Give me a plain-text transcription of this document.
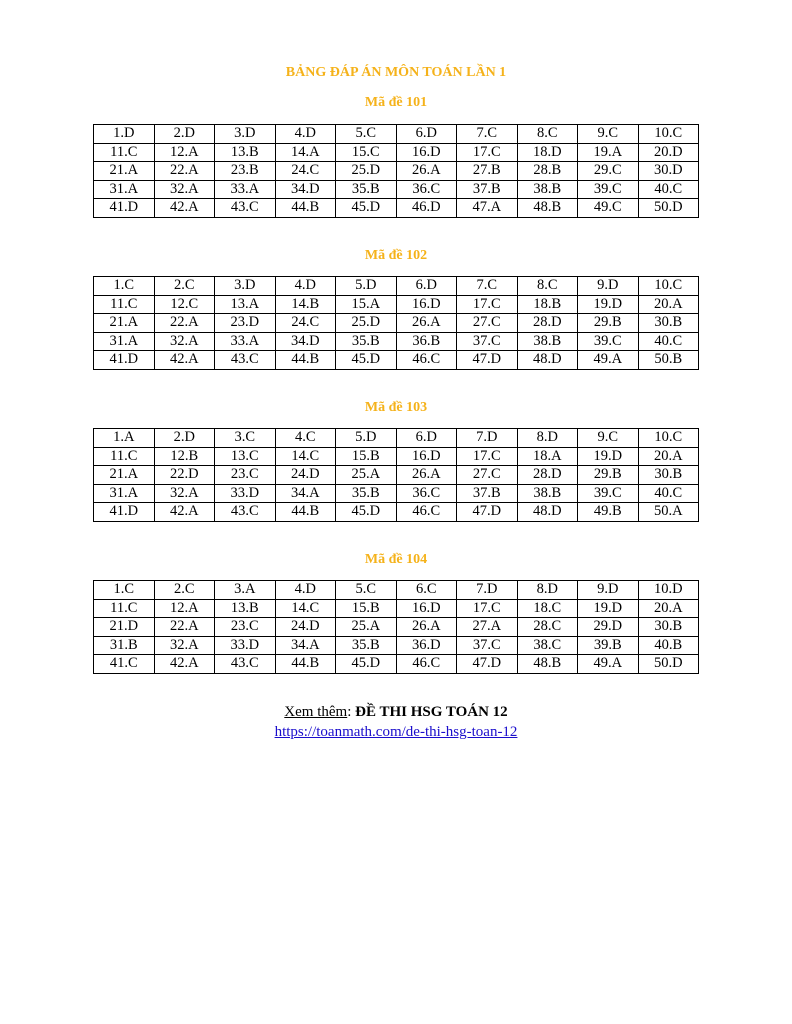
BẢNG ĐÁP ÁN MÔN TOÁN LẦN 1
Mã đề 101
1.D	2.D	3.D	4.D	5.C	6.D	7.C	8.C	9.C	10.C
11.C	12.A	13.B	14.A	15.C	16.D	17.C	18.D	19.A	20.D
21.A	22.A	23.B	24.C	25.D	26.A	27.B	28.B	29.C	30.D
31.A	32.A	33.A	34.D	35.B	36.C	37.B	38.B	39.C	40.C
41.D	42.A	43.C	44.B	45.D	46.D	47.A	48.B	49.C	50.D
Mã đề 102
1.C	2.C	3.D	4.D	5.D	6.D	7.C	8.C	9.D	10.C
11.C	12.C	13.A	14.B	15.A	16.D	17.C	18.B	19.D	20.A
21.A	22.A	23.D	24.C	25.D	26.A	27.C	28.D	29.B	30.B
31.A	32.A	33.A	34.D	35.B	36.B	37.C	38.B	39.C	40.C
41.D	42.A	43.C	44.B	45.D	46.C	47.D	48.D	49.A	50.B
Mã đề 103
1.A	2.D	3.C	4.C	5.D	6.D	7.D	8.D	9.C	10.C
11.C	12.B	13.C	14.C	15.B	16.D	17.C	18.A	19.D	20.A
21.A	22.D	23.C	24.D	25.A	26.A	27.C	28.D	29.B	30.B
31.A	32.A	33.D	34.A	35.B	36.C	37.B	38.B	39.C	40.C
41.D	42.A	43.C	44.B	45.D	46.C	47.D	48.D	49.B	50.A
Mã đề 104
1.C	2.C	3.A	4.D	5.C	6.C	7.D	8.D	9.D	10.D
11.C	12.A	13.B	14.C	15.B	16.D	17.C	18.C	19.D	20.A
21.D	22.A	23.C	24.D	25.A	26.A	27.A	28.C	29.D	30.B
31.B	32.A	33.D	34.A	35.B	36.D	37.C	38.C	39.B	40.B
41.C	42.A	43.C	44.B	45.D	46.C	47.D	48.B	49.A	50.D
Xem thêm: ĐỀ THI HSG TOÁN 12
https://toanmath.com/de-thi-hsg-toan-12
